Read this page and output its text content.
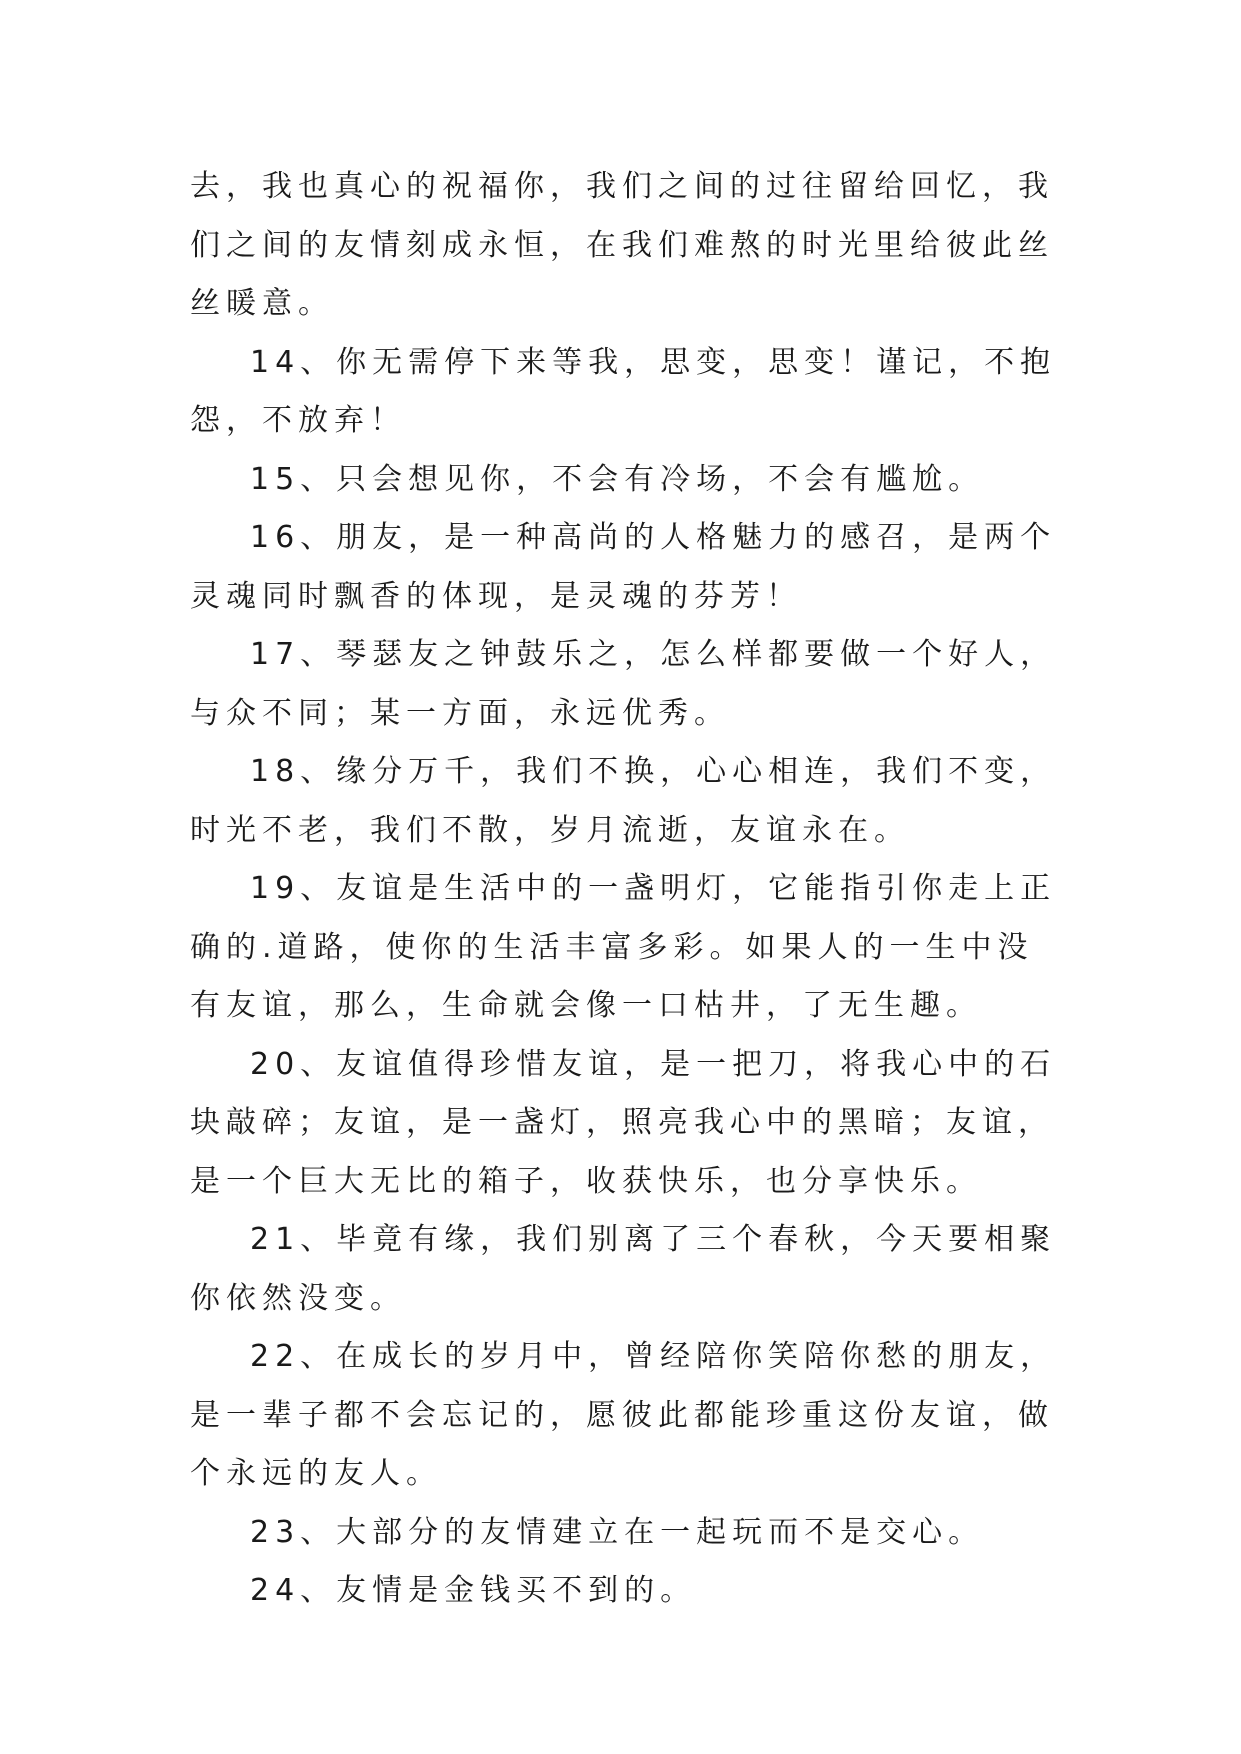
去，我也真心的祝福你，我们之间的过往留给回忆，我们之间的友情刻成永恒，在我们难熬的时光里给彼此丝丝暖意。

14、你无需停下来等我，思变，思变！谨记，不抱怨，不放弃！

15、只会想见你，不会有冷场，不会有尴尬。

16、朋友，是一种高尚的人格魅力的感召，是两个灵魂同时飘香的体现，是灵魂的芬芳！

17、琴瑟友之钟鼓乐之，怎么样都要做一个好人，与众不同；某一方面，永远优秀。

18、缘分万千，我们不换，心心相连，我们不变，时光不老，我们不散，岁月流逝，友谊永在。

19、友谊是生活中的一盏明灯，它能指引你走上正确的.道路，使你的生活丰富多彩。如果人的一生中没有友谊，那么，生命就会像一口枯井，了无生趣。

20、友谊值得珍惜友谊，是一把刀，将我心中的石块敲碎；友谊，是一盏灯，照亮我心中的黑暗；友谊，是一个巨大无比的箱子，收获快乐，也分享快乐。

21、毕竟有缘，我们别离了三个春秋，今天要相聚你依然没变。

22、在成长的岁月中，曾经陪你笑陪你愁的朋友，是一辈子都不会忘记的，愿彼此都能珍重这份友谊，做个永远的友人。

23、大部分的友情建立在一起玩而不是交心。

24、友情是金钱买不到的。
